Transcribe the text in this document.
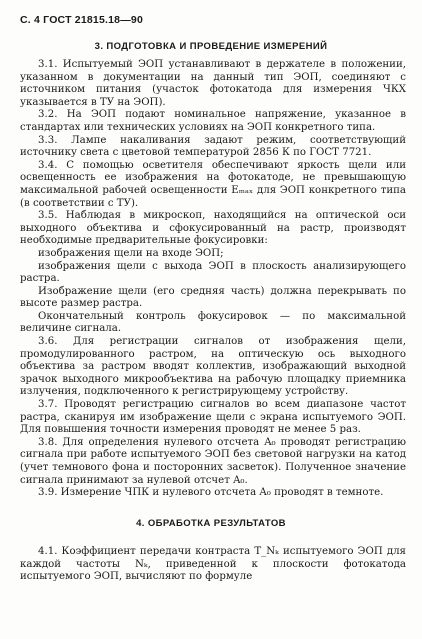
С. 4 ГОСТ 21815.18—90
3. ПОДГОТОВКА И ПРОВЕДЕНИЕ ИЗМЕРЕНИЙ

3.1. Испытуемый ЭОП устанавливают в держателе в положении, указанном в документации на данный тип ЭОП, соединяют с источником питания (участок фотокатода для измерения ЧКХ указывается в ТУ на ЭОП).

3.2. На ЭОП подают номинальное напряжение, указанное в стандартах или технических условиях на ЭОП конкретного типа.

3.3. Лампе накаливания задают режим, соответствующий источнику света с цветовой температурой 2856 К по ГОСТ 7721.

3.4. С помощью осветителя обеспечивают яркость щели или освещенность ее изображения на фотокатоде, не превышающую максимальной рабочей освещенности Eₘₐₓ для ЭОП конкретного типа (в соответствии с ТУ).

3.5. Наблюдая в микроскоп, находящийся на оптической оси выходного объектива и сфокусированный на растр, производят необходимые предварительные фокусировки:

изображения щели на входе ЭОП;

изображения щели с выхода ЭОП в плоскость анализирующего растра.

Изображение щели (его средняя часть) должна перекрывать по высоте размер растра.

Окончательный контроль фокусировок — по максимальной величине сигнала.

3.6. Для регистрации сигналов от изображения щели, промодулированного растром, на оптическую ось выходного объектива за растром вводят коллектив, изображающий выходной зрачок выходного микрообъектива на рабочую площадку приемника излучения, подключенного к регистрирующему устройству.

3.7. Проводят регистрацию сигналов во всем диапазоне частот растра, сканируя им изображение щели с экрана испытуемого ЭОП. Для повышения точности измерения проводят не менее 5 раз.

3.8. Для определения нулевого отсчета A₀ проводят регистрацию сигнала при работе испытуемого ЭОП без световой нагрузки на катод (учет темнового фона и посторонних засветок). Полученное значение сигнала принимают за нулевой отсчет A₀.

3.9. Измерение ЧПК и нулевого отсчета A₀ проводят в темноте.

4. ОБРАБОТКА РЕЗУЛЬТАТОВ

4.1. Коэффициент передачи контраста T_Nₖ испытуемого ЭОП для каждой частоты Nₖ, приведенной к плоскости фотокатода испытуемого ЭОП, вычисляют по формуле
